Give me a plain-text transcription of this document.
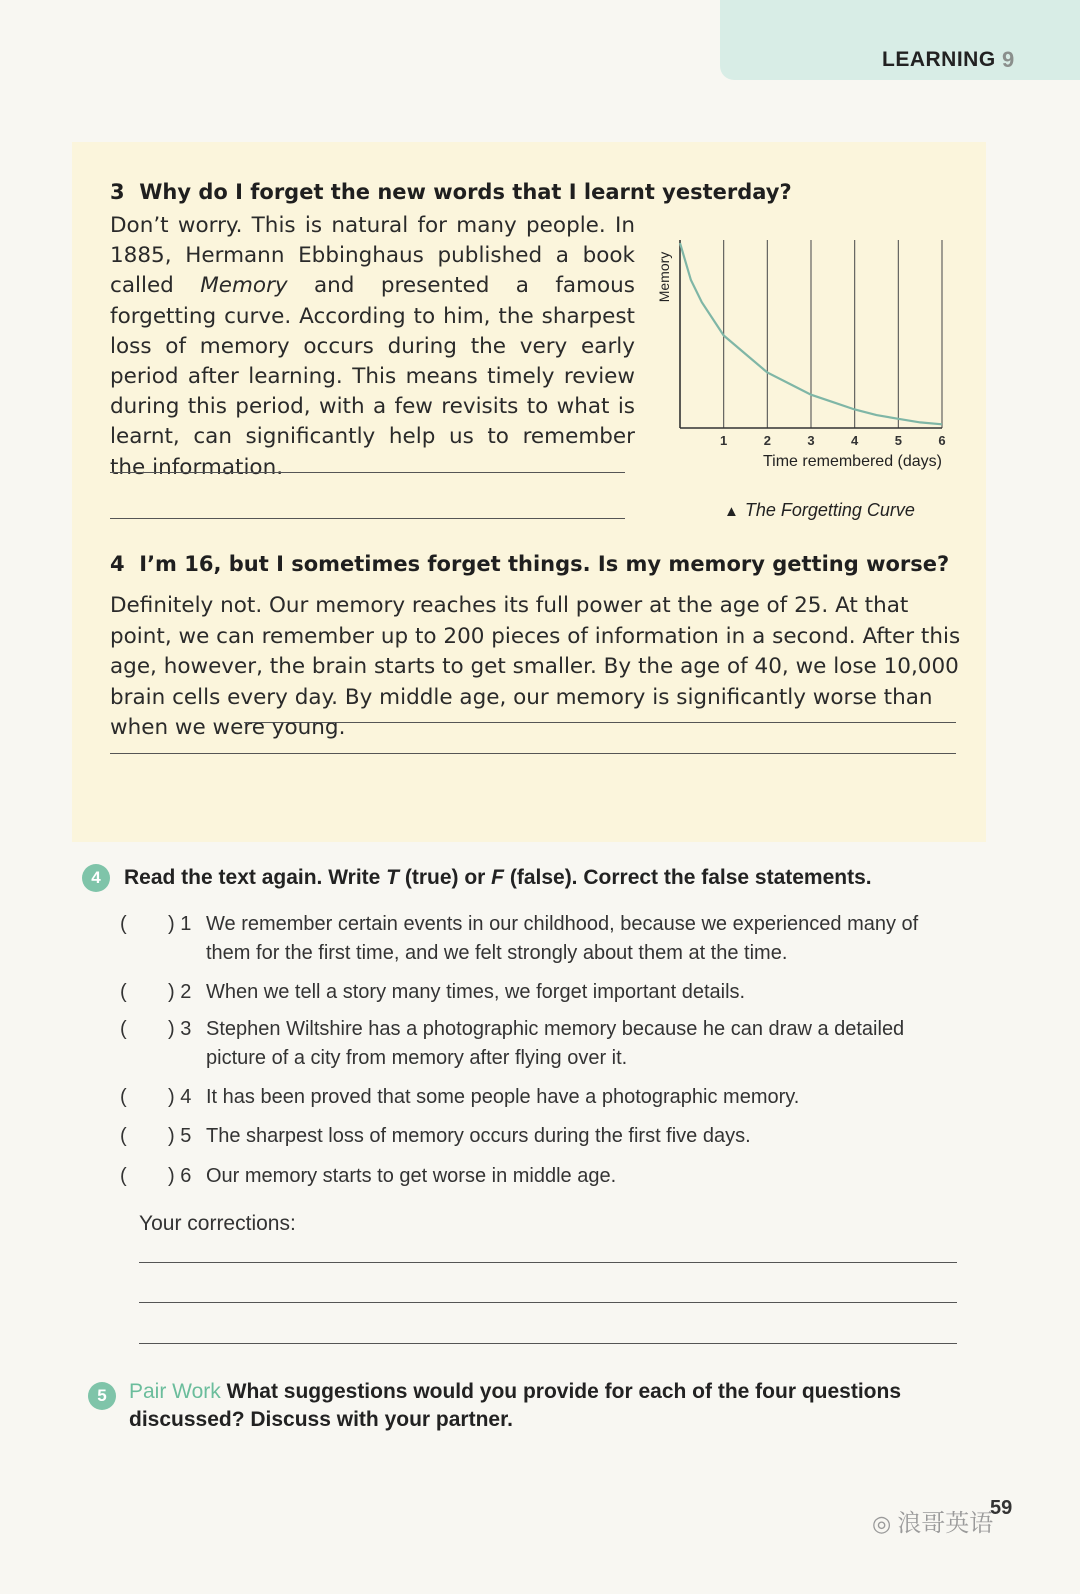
LEARNING 9
3 Why do I forget the new words that I learnt yesterday?
Don’t worry. This is natural for many people. In 1885, Hermann Ebbinghaus published a book called Memory and presented a famous forgetting curve. According to him, the sharpest loss of memory occurs during the very early period after learning. This means timely review during this period, with a few revisits to what is learnt, can significantly help us to remember the information.
1	2	3	4	5	6
Memory
Time remembered (days)
▲ The Forgetting Curve
4 I’m 16, but I sometimes forget things. Is my memory getting worse?
Definitely not. Our memory reaches its full power at the age of 25. At that point, we can remember up to 200 pieces of information in a second. After this age, however, the brain starts to get smaller. By the age of 40, we lose 10,000 brain cells every day. By middle age, our memory is significantly worse than when we were young.
4	Read the text again. Write T (true) or F (false). Correct the false statements.
( ) 1 We remember certain events in our childhood, because we experienced many of them for the first time, and we felt strongly about them at the time.
( ) 2 When we tell a story many times, we forget important details.
( ) 3 Stephen Wiltshire has a photographic memory because he can draw a detailed picture of a city from memory after flying over it.
( ) 4 It has been proved that some people have a photographic memory.
( ) 5 The sharpest loss of memory occurs during the first five days.
( ) 6 Our memory starts to get worse in middle age.
Your corrections:
5	Pair Work What suggestions would you provide for each of the four questions discussed? Discuss with your partner.
59
◎ 浪哥英语
